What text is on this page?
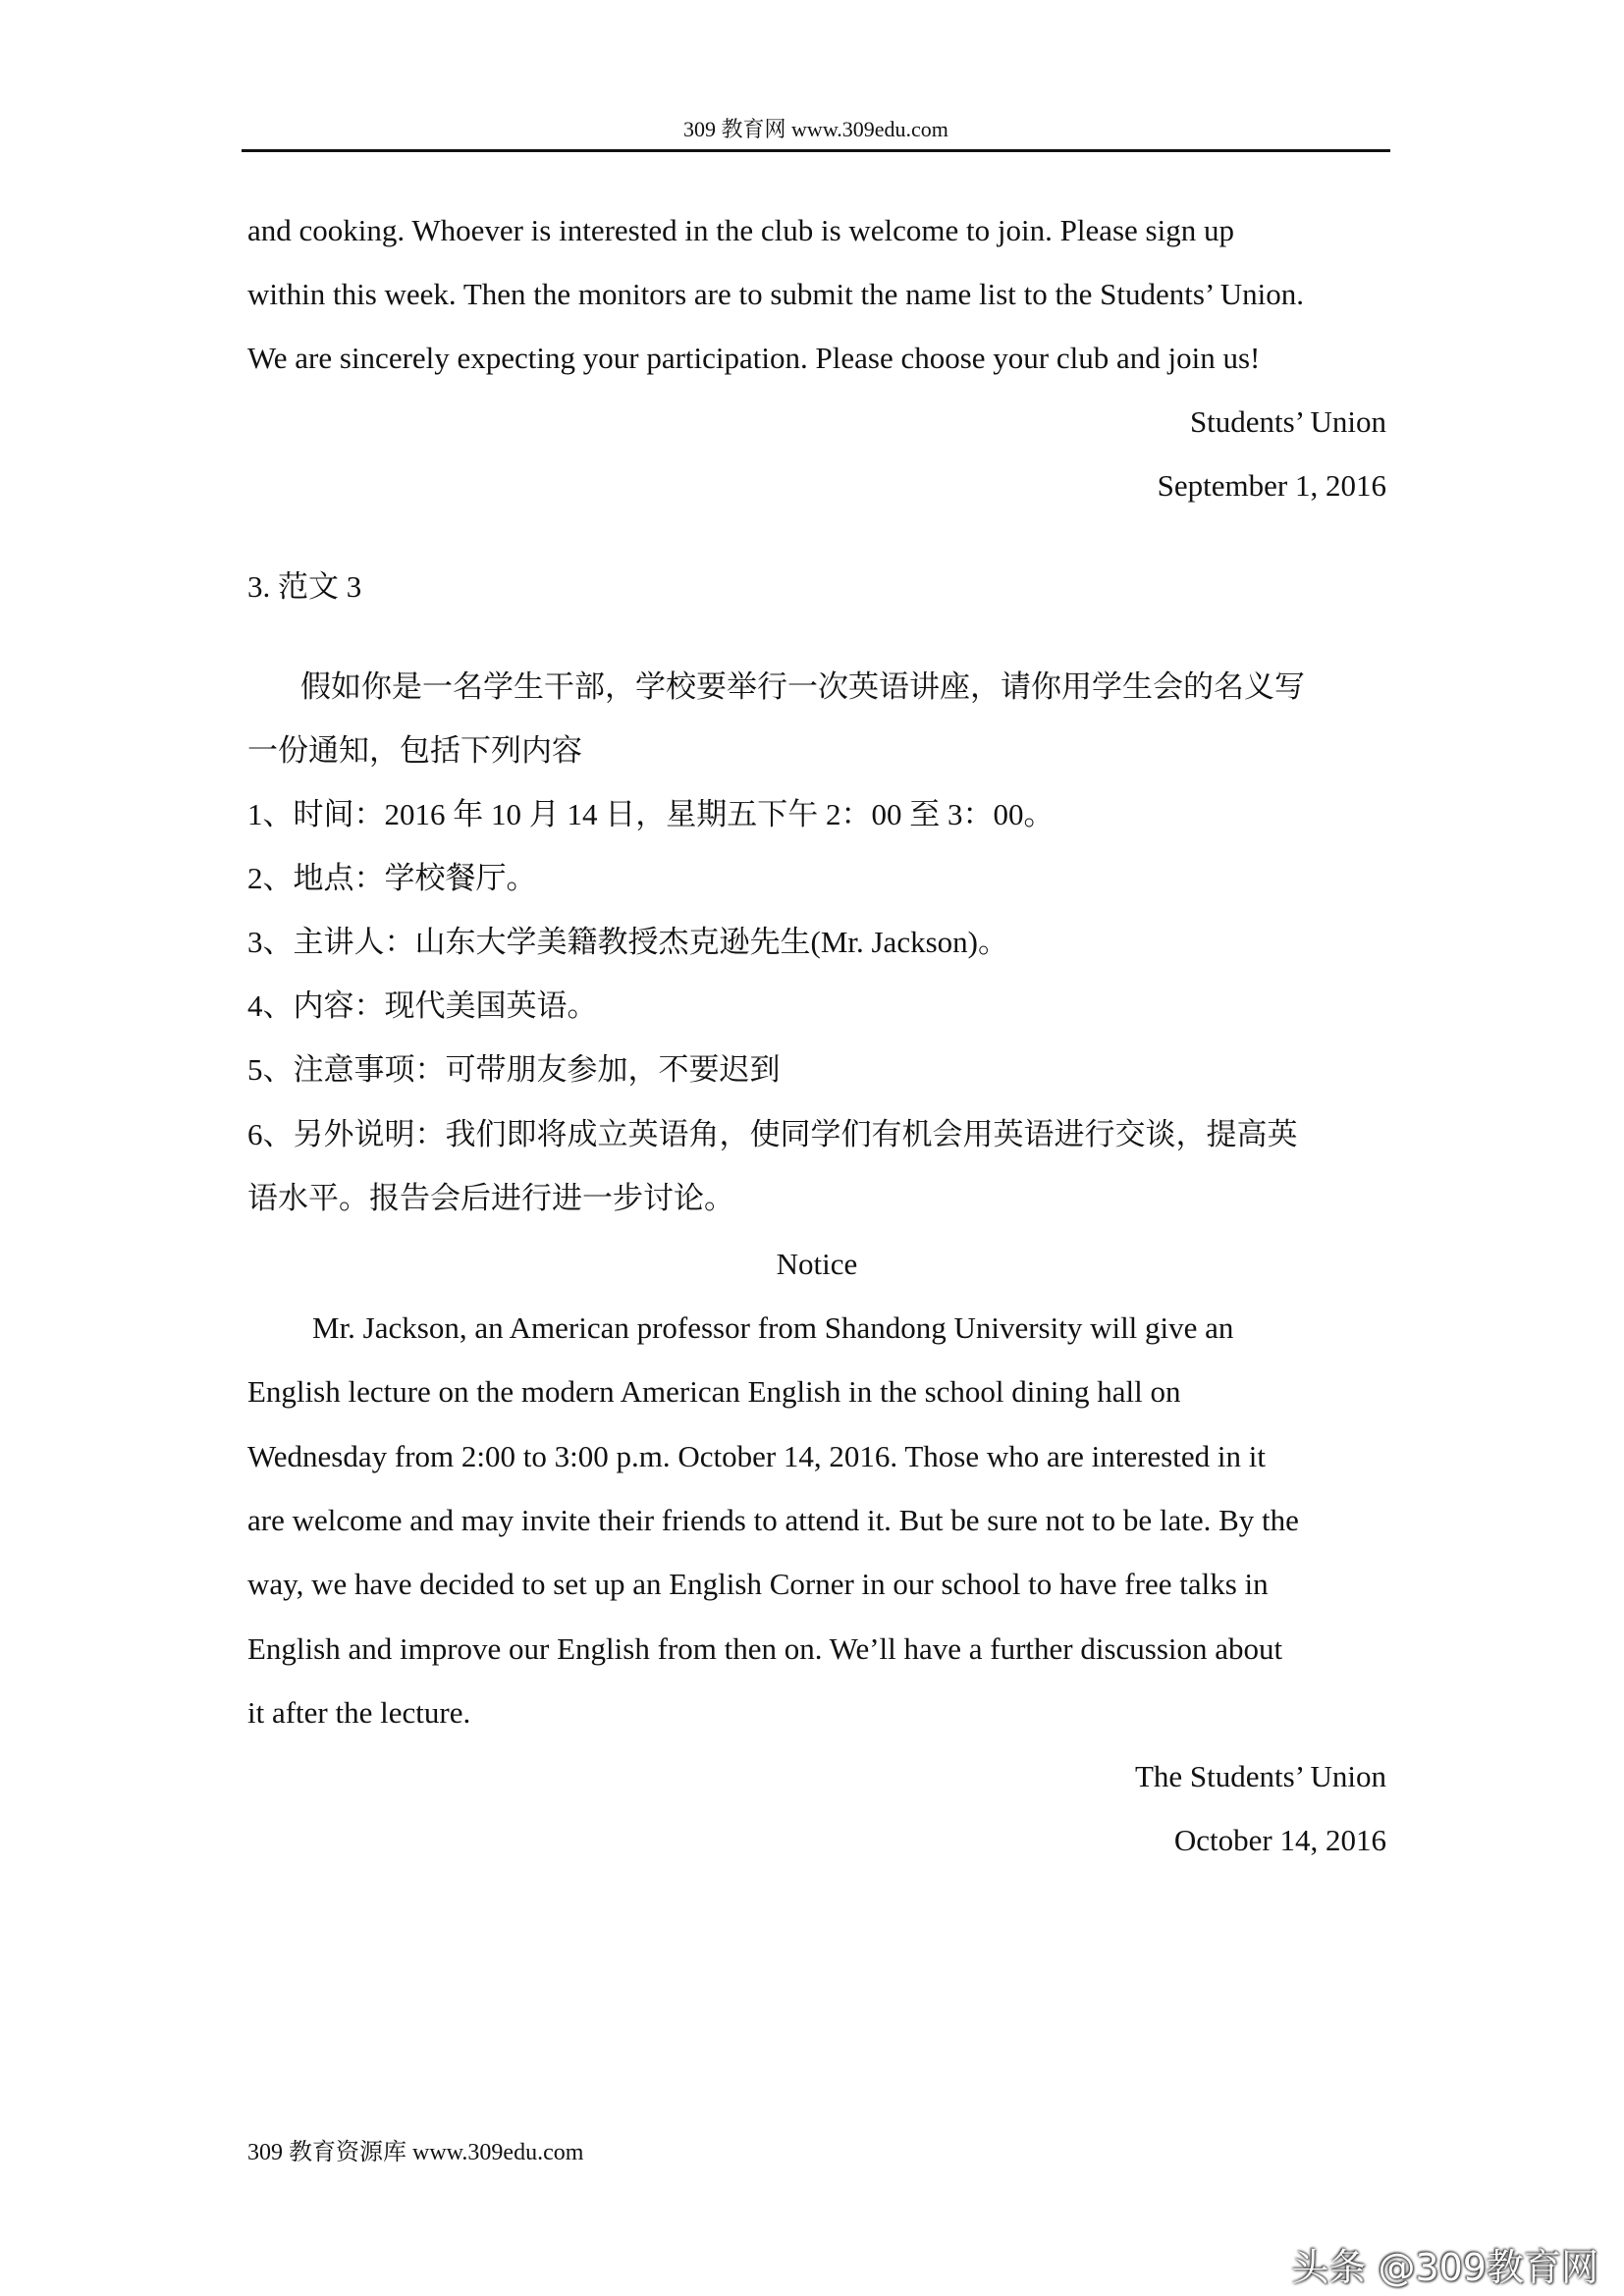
309 教育网 www.309edu.com
and cooking. Whoever is interested in the club is welcome to join. Please sign up
within this week. Then the monitors are to submit the name list to the Students’ Union.
We are sincerely expecting your participation. Please choose your club and join us!
Students’ Union
September 1, 2016
3. 范文 3
假如你是一名学生干部，学校要举行一次英语讲座，请你用学生会的名义写
一份通知，包括下列内容
1、时间：2016 年 10 月 14 日，星期五下午 2：00 至 3：00。
2、地点：学校餐厅。
3、主讲人：山东大学美籍教授杰克逊先生(Mr. Jackson)。
4、内容：现代美国英语。
5、注意事项：可带朋友参加，不要迟到
6、另外说明：我们即将成立英语角，使同学们有机会用英语进行交谈，提高英
语水平。报告会后进行进一步讨论。
Notice
Mr. Jackson, an American professor from Shandong University will give an
English lecture on the modern American English in the school dining hall on
Wednesday from 2:00 to 3:00 p.m. October 14, 2016. Those who are interested in it
are welcome and may invite their friends to attend it. But be sure not to be late. By the
way, we have decided to set up an English Corner in our school to have free talks in
English and improve our English from then on. We’ll have a further discussion about
it after the lecture.
The Students’ Union
October 14, 2016
309 教育资源库 www.309edu.com
头条 @309教育网
